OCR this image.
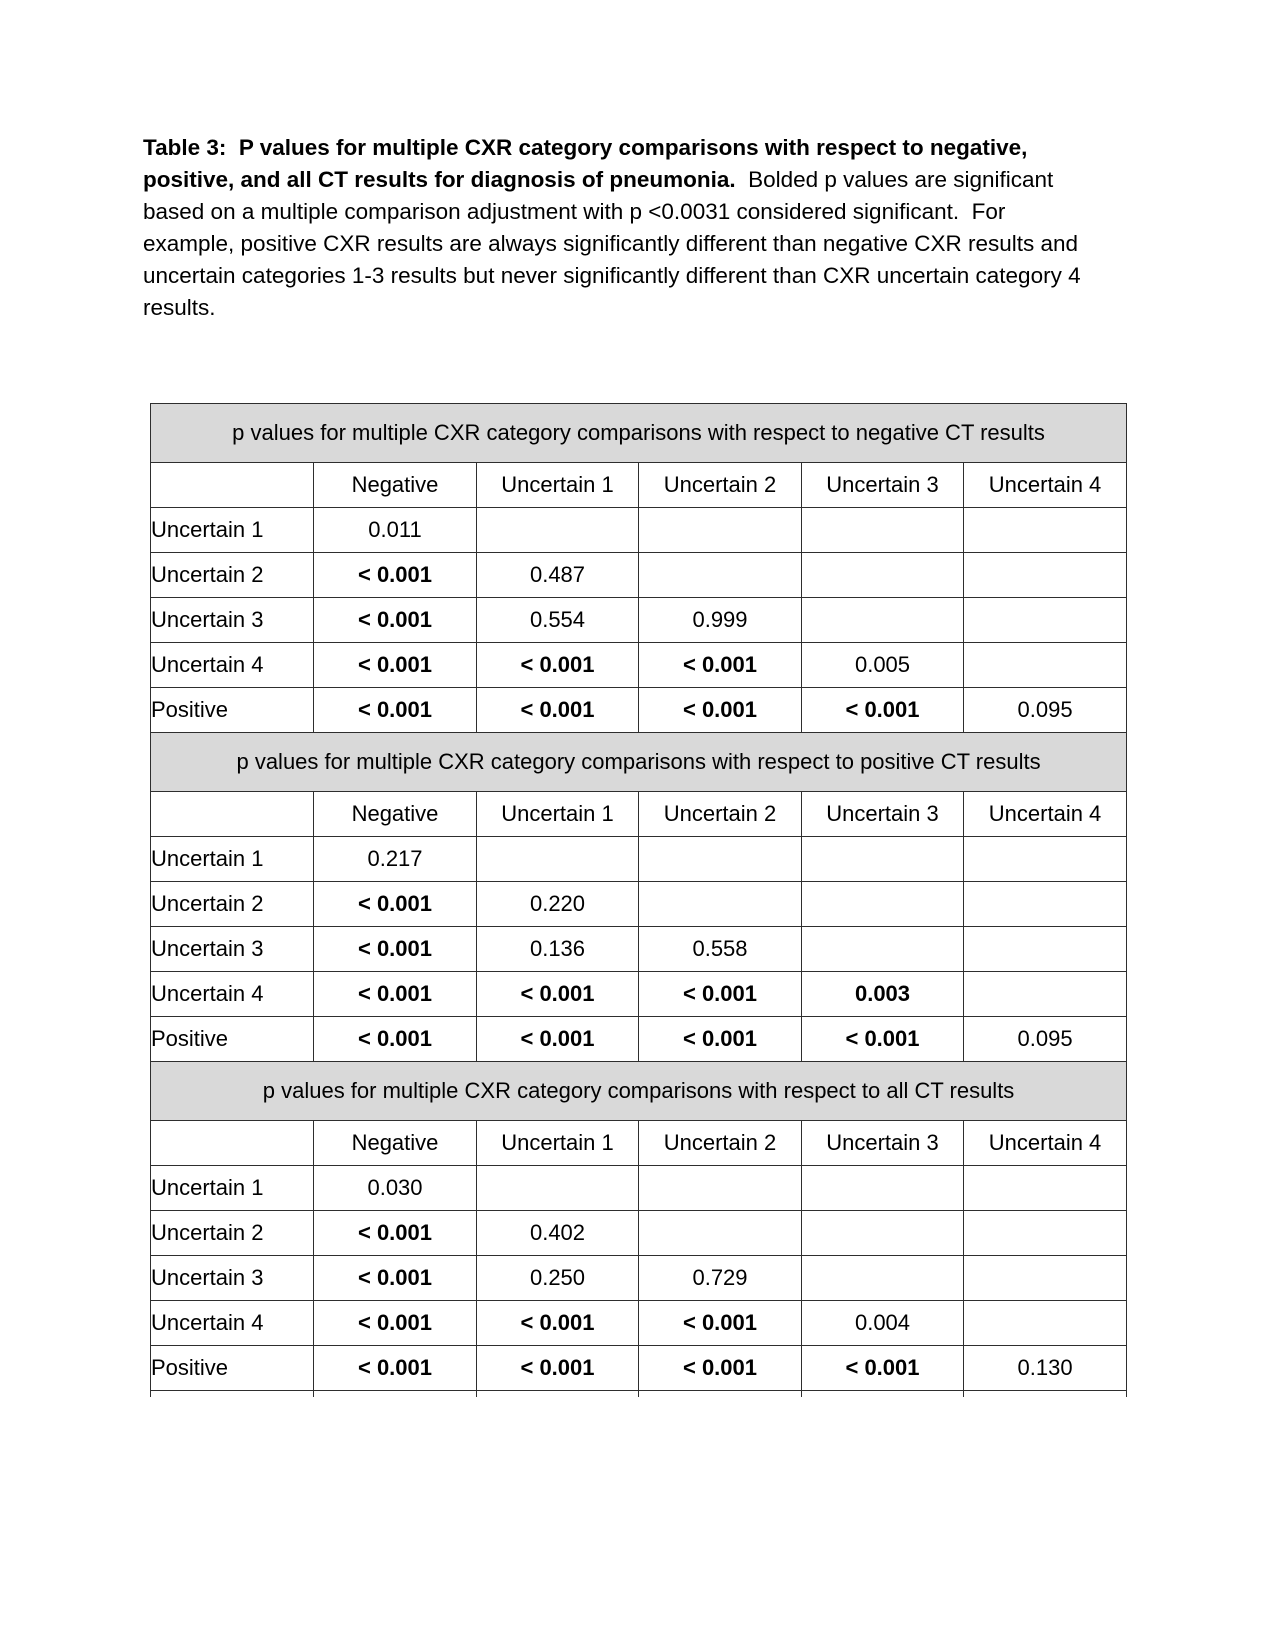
Table 3:  P values for multiple CXR category comparisons with respect to negative, positive, and all CT results for diagnosis of pneumonia.  Bolded p values are significant based on a multiple comparison adjustment with p <0.0031 considered significant.  For example, positive CXR results are always significantly different than negative CXR results and uncertain categories 1-3 results but never significantly different than CXR uncertain category 4 results.

p values for multiple CXR category comparisons with respect to negative CT results					
	Negative	Uncertain 1	Uncertain 2	Uncertain 3	Uncertain 4
Uncertain 1	0.011				
Uncertain 2	< 0.001	0.487			
Uncertain 3	< 0.001	0.554	0.999		
Uncertain 4	< 0.001	< 0.001	< 0.001	0.005	
Positive	< 0.001	< 0.001	< 0.001	< 0.001	0.095
p values for multiple CXR category comparisons with respect to positive CT results					
	Negative	Uncertain 1	Uncertain 2	Uncertain 3	Uncertain 4
Uncertain 1	0.217				
Uncertain 2	< 0.001	0.220			
Uncertain 3	< 0.001	0.136	0.558		
Uncertain 4	< 0.001	< 0.001	< 0.001	0.003	
Positive	< 0.001	< 0.001	< 0.001	< 0.001	0.095
p values for multiple CXR category comparisons with respect to all CT results					
	Negative	Uncertain 1	Uncertain 2	Uncertain 3	Uncertain 4
Uncertain 1	0.030				
Uncertain 2	< 0.001	0.402			
Uncertain 3	< 0.001	0.250	0.729		
Uncertain 4	< 0.001	< 0.001	< 0.001	0.004	
Positive	< 0.001	< 0.001	< 0.001	< 0.001	0.130
